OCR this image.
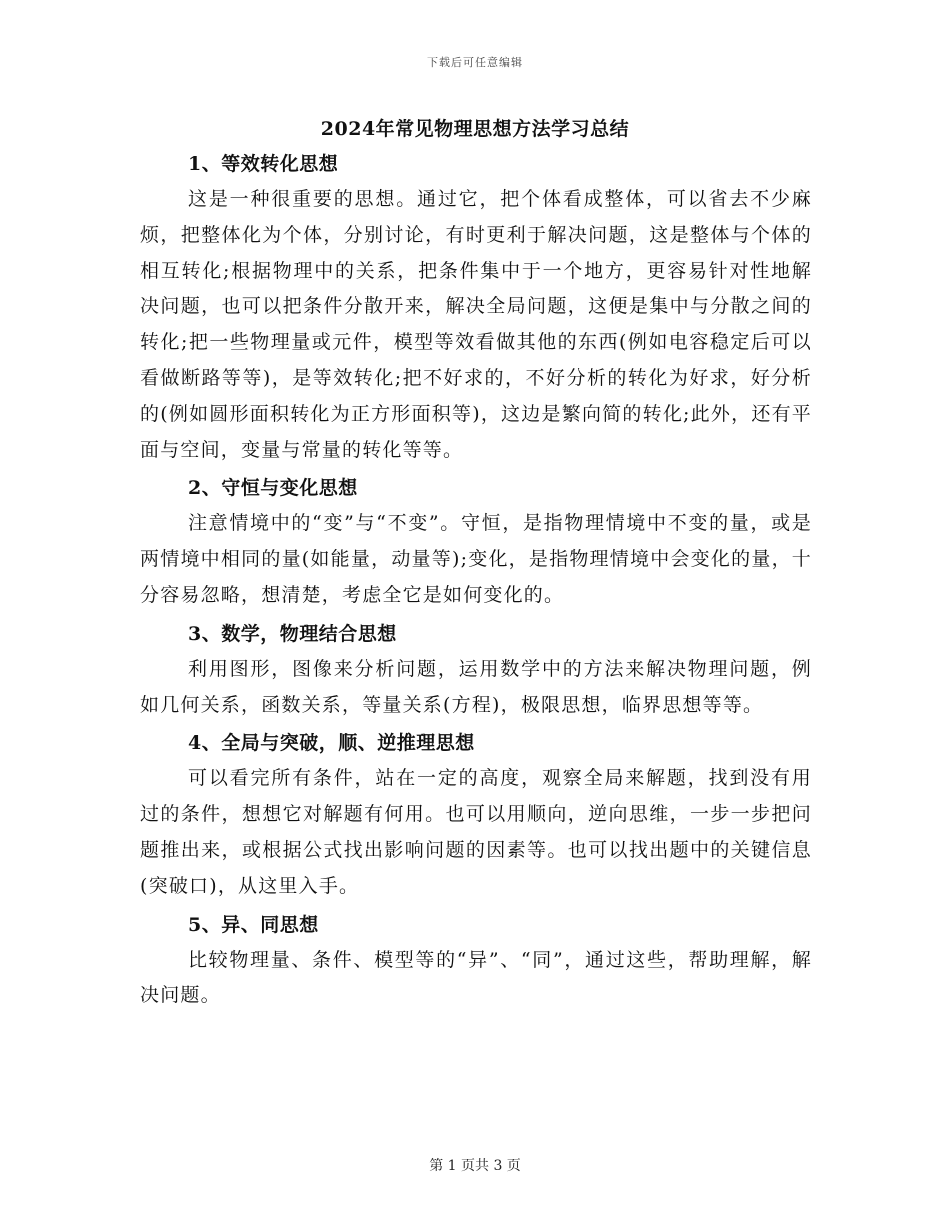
下载后可任意编辑
2024年常见物理思想方法学习总结
1、等效转化思想

这是一种很重要的思想。通过它，把个体看成整体，可以省去不少麻烦，把整体化为个体，分别讨论，有时更利于解决问题，这是整体与个体的相互转化;根据物理中的关系，把条件集中于一个地方，更容易针对性地解决问题，也可以把条件分散开来，解决全局问题，这便是集中与分散之间的转化;把一些物理量或元件，模型等效看做其他的东西(例如电容稳定后可以看做断路等等)，是等效转化;把不好求的，不好分析的转化为好求，好分析的(例如圆形面积转化为正方形面积等)，这边是繁向简的转化;此外，还有平面与空间，变量与常量的转化等等。

2、守恒与变化思想

注意情境中的“变”与“不变”。守恒，是指物理情境中不变的量，或是两情境中相同的量(如能量，动量等);变化，是指物理情境中会变化的量，十分容易忽略，想清楚，考虑全它是如何变化的。

3、数学，物理结合思想

利用图形，图像来分析问题，运用数学中的方法来解决物理问题，例如几何关系，函数关系，等量关系(方程)，极限思想，临界思想等等。

4、全局与突破，顺、逆推理思想

可以看完所有条件，站在一定的高度，观察全局来解题，找到没有用过的条件，想想它对解题有何用。也可以用顺向，逆向思维，一步一步把问题推出来，或根据公式找出影响问题的因素等。也可以找出题中的关键信息(突破口)，从这里入手。

5、异、同思想

比较物理量、条件、模型等的“异”、“同”，通过这些，帮助理解，解决问题。

第 1 页共 3 页
